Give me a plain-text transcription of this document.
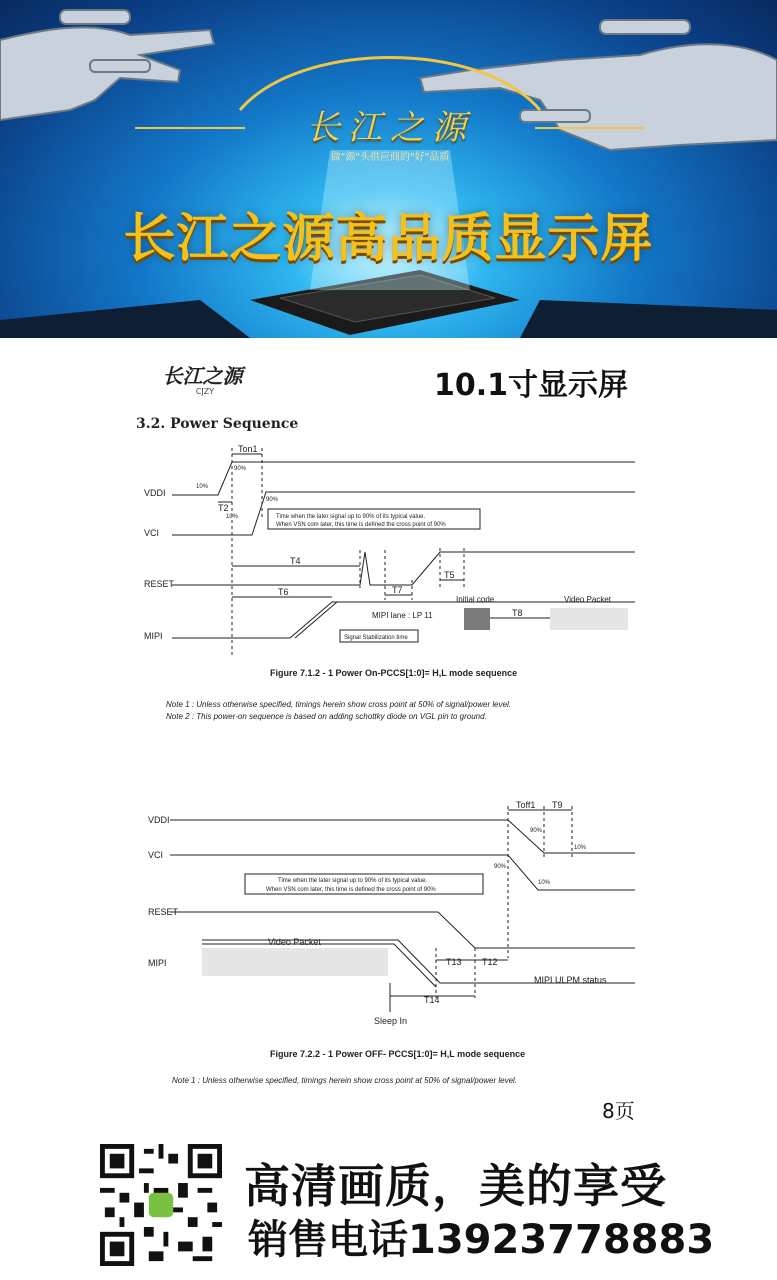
长江之源
做"源"头供应商的"好"品质
长江之源高品质显示屏
长江之源
CJZY	10.1寸显示屏
3.2. Power Sequence
VDDI
VCI
RESET
MIPI
Ton1
T2
T4
T6	T7
T5
T8
10%
90%
10%
90%
Time when the later signal up to 90% of its typical value.
When VSN com later, this time is defined the cross point of 90%
Signal Stabilization time
MIPI lane : LP 11
Initial code	Video Packet
Figure 7.1.2 - 1 Power On-PCCS[1:0]= H,L mode sequence
Note 1 : Unless otherwise specified, timings herein show cross point at 50% of signal/power level.
Note 2 : This power-on sequence is based on adding schottky diode on VGL pin to ground.
VDDI
VCI
RESET
MIPI
Toff1 T9
T13 T12
T14
Video Packet
MIPI ULPM status
Sleep In
90%
10%
90%
10%
Time when the later signal up to 90% of its typical value.
When VSN com later, this time is defined the cross point of 90%
Figure 7.2.2 - 1 Power OFF- PCCS[1:0]= H,L mode sequence
Note 1 : Unless otherwise specified, timings herein show cross point at 50% of signal/power level.
8页
高清画质，美的享受
销售电话13923778883
